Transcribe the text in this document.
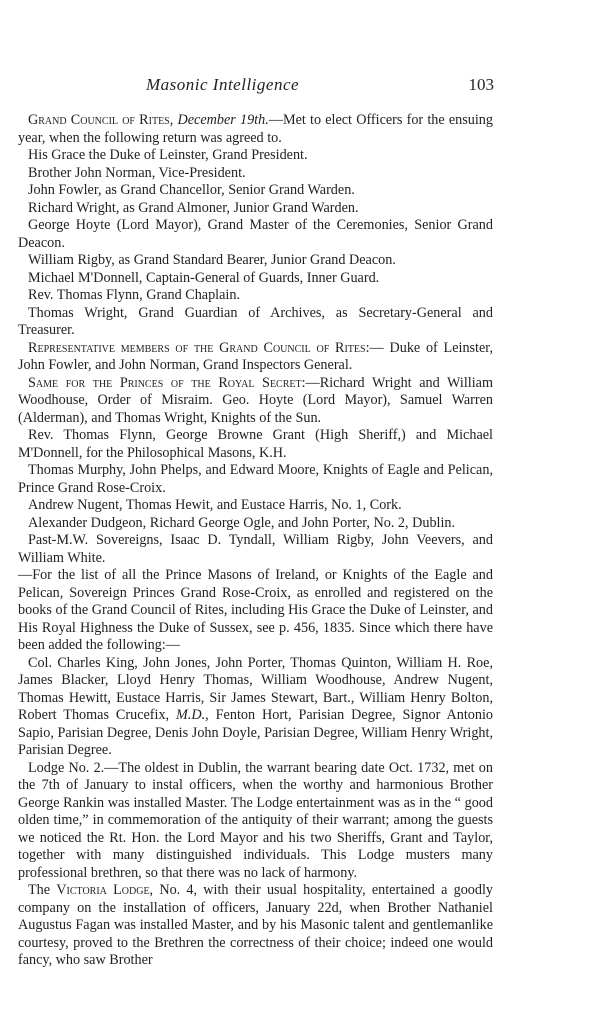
Masonic Intelligence	103

Grand Council of Rites, December 19th.—Met to elect Officers for the ensuing year, when the following return was agreed to.

His Grace the Duke of Leinster, Grand President.

Brother John Norman, Vice-President.

John Fowler, as Grand Chancellor, Senior Grand Warden.

Richard Wright, as Grand Almoner, Junior Grand Warden.

George Hoyte (Lord Mayor), Grand Master of the Ceremonies, Senior Grand Deacon.

William Rigby, as Grand Standard Bearer, Junior Grand Deacon.

Michael M'Donnell, Captain-General of Guards, Inner Guard.

Rev. Thomas Flynn, Grand Chaplain.

Thomas Wright, Grand Guardian of Archives, as Secretary-General and Treasurer.

Representative members of the Grand Council of Rites:— Duke of Leinster, John Fowler, and John Norman, Grand Inspectors General.

Same for the Princes of the Royal Secret:—Richard Wright and William Woodhouse, Order of Misraim. Geo. Hoyte (Lord Mayor), Samuel Warren (Alderman), and Thomas Wright, Knights of the Sun.

Rev. Thomas Flynn, George Browne Grant (High Sheriff,) and Michael M'Donnell, for the Philosophical Masons, K.H.

Thomas Murphy, John Phelps, and Edward Moore, Knights of Eagle and Pelican, Prince Grand Rose-Croix.

Andrew Nugent, Thomas Hewit, and Eustace Harris, No. 1, Cork.

Alexander Dudgeon, Richard George Ogle, and John Porter, No. 2, Dublin.

Past-M.W. Sovereigns, Isaac D. Tyndall, William Rigby, John Veevers, and William White.

—For the list of all the Prince Masons of Ireland, or Knights of the Eagle and Pelican, Sovereign Princes Grand Rose-Croix, as enrolled and registered on the books of the Grand Council of Rites, including His Grace the Duke of Leinster, and His Royal Highness the Duke of Sussex, see p. 456, 1835. Since which there have been added the following:—

Col. Charles King, John Jones, John Porter, Thomas Quinton, William H. Roe, James Blacker, Lloyd Henry Thomas, William Woodhouse, Andrew Nugent, Thomas Hewitt, Eustace Harris, Sir James Stewart, Bart., William Henry Bolton, Robert Thomas Crucefix, M.D., Fenton Hort, Parisian Degree, Signor Antonio Sapio, Parisian Degree, Denis John Doyle, Parisian Degree, William Henry Wright, Parisian Degree.

Lodge No. 2.—The oldest in Dublin, the warrant bearing date Oct. 1732, met on the 7th of January to instal officers, when the worthy and harmonious Brother George Rankin was installed Master. The Lodge entertainment was as in the “ good olden time,” in commemoration of the antiquity of their warrant; among the guests we noticed the Rt. Hon. the Lord Mayor and his two Sheriffs, Grant and Taylor, together with many distinguished individuals. This Lodge musters many professional brethren, so that there was no lack of harmony.

The Victoria Lodge, No. 4, with their usual hospitality, entertained a goodly company on the installation of officers, January 22d, when Brother Nathaniel Augustus Fagan was installed Master, and by his Masonic talent and gentlemanlike courtesy, proved to the Brethren the correctness of their choice; indeed one would fancy, who saw Brother
